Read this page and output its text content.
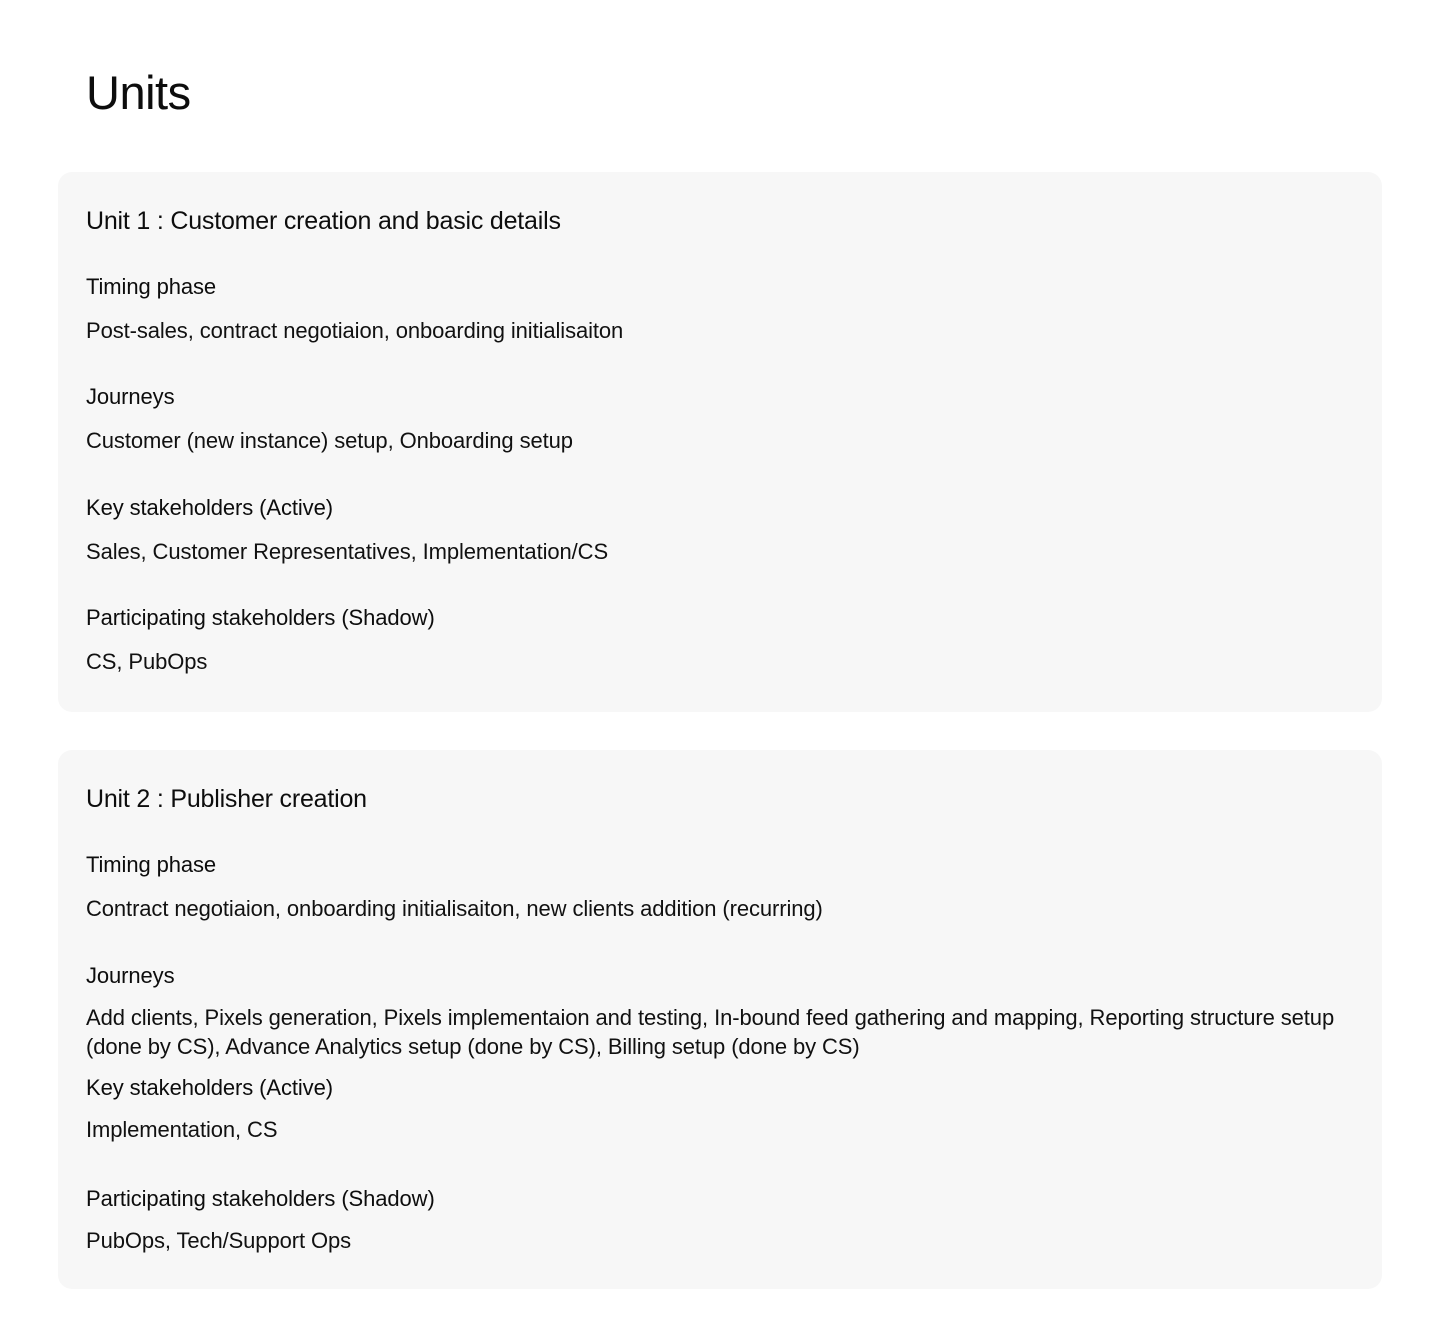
Units
Unit 1 : Customer creation and basic details
Timing phase
Post-sales, contract negotiaion, onboarding initialisaiton
Journeys
Customer (new instance) setup, Onboarding setup
Key stakeholders (Active)
Sales, Customer Representatives, Implementation/CS
Participating stakeholders (Shadow)
CS, PubOps
Unit 2 : Publisher creation
Timing phase
Contract negotiaion, onboarding initialisaiton, new clients addition (recurring)
Journeys
Add clients, Pixels generation, Pixels implementaion and testing, In-bound feed gathering and mapping, Reporting structure setup (done by CS), Advance Analytics setup (done by CS), Billing setup (done by CS)
Key stakeholders (Active)
Implementation, CS
Participating stakeholders (Shadow)
PubOps, Tech/Support Ops
